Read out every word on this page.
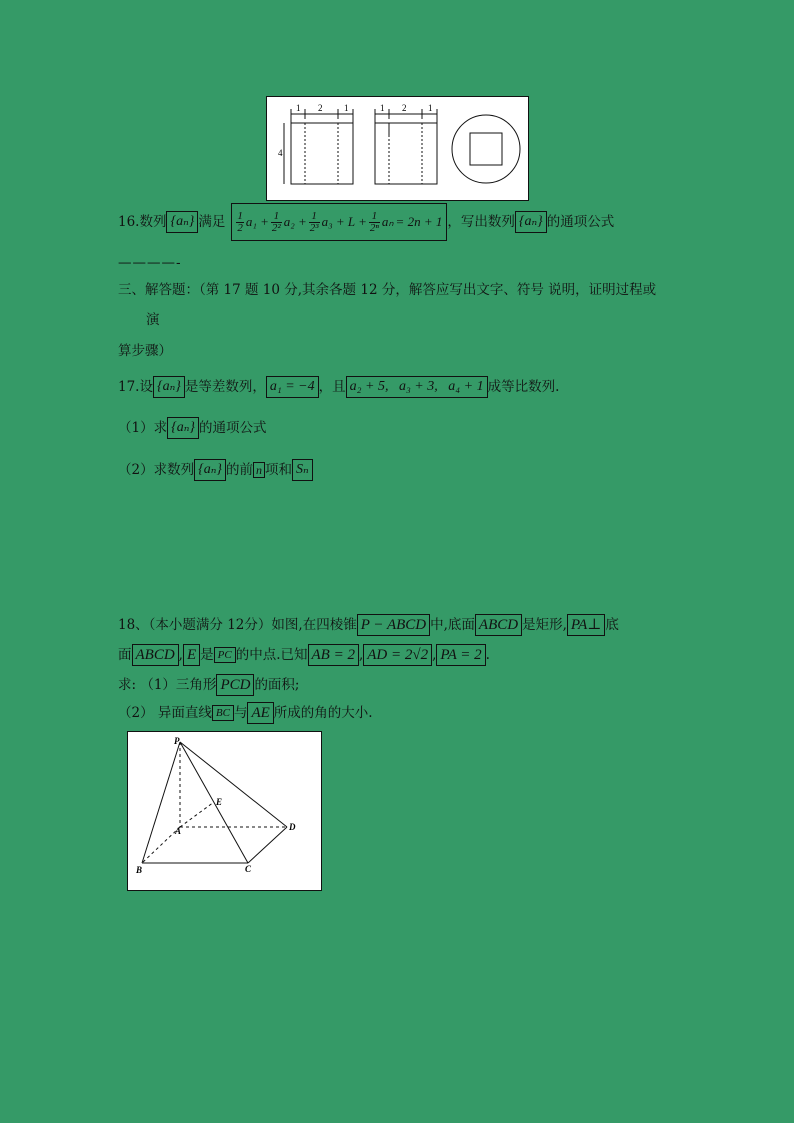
1 2 1
4
1 2 1
16.数列 {aₙ} 满足 $\frac{1}{2} a_1 + \frac{1}{\text{2²}} a_2 + \frac{1}{\text{2³}} a_3 + L + \frac{1}{\text{2ⁿ}}$ aₙ = 2n + 1 ，写出数列 {aₙ} 的通项公式
————-
三、解答题：（第 17 题 10 分,其余各题 12 分，解答应写出文字、符号 说明，证明过程或
演
算步骤）
17.设 {aₙ} 是等差数列， a₁ = −4 ，且 a₂ + 5,   a₃ + 3,   a₄ + 1 成等比数列.
（1）求 {aₙ} 的通项公式
（2）求数列 {aₙ} 的前 n 项和 Sₙ
18、（本小题满分 12分）如图,在四棱锥 P − ABCD 中,底面 ABCD 是矩形, PA⊥ 底
面 ABCD , E 是 PC 的中点.已知 AB = 2 , AD = 2√2 , PA = 2 .
求: （1）三角形 PCD 的面积;
（2） 异面直线 BC 与 AE 所成的角的大小.
P
E
A	D
B	C
